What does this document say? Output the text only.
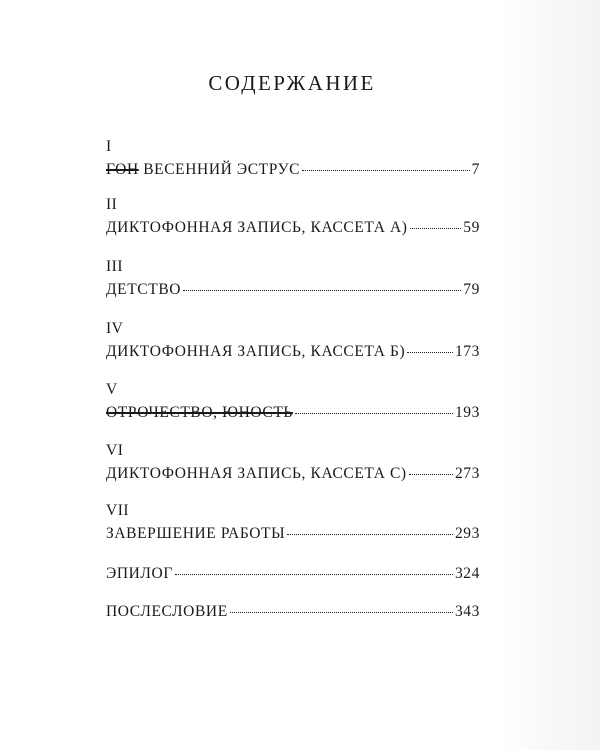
СОДЕРЖАНИЕ
I
ГОН ВЕСЕННИЙ ЭСТРУС	7
II
ДИКТОФОННАЯ ЗАПИСЬ, КАССЕТА А)	59
III
ДЕТСТВО	79
IV
ДИКТОФОННАЯ ЗАПИСЬ, КАССЕТА Б)	173
V
ОТРОЧЕСТВО, ЮНОСТЬ	193
VI
ДИКТОФОННАЯ ЗАПИСЬ, КАССЕТА С)	273
VII
ЗАВЕРШЕНИЕ РАБОТЫ	293
ЭПИЛОГ	324
ПОСЛЕСЛОВИЕ	343
